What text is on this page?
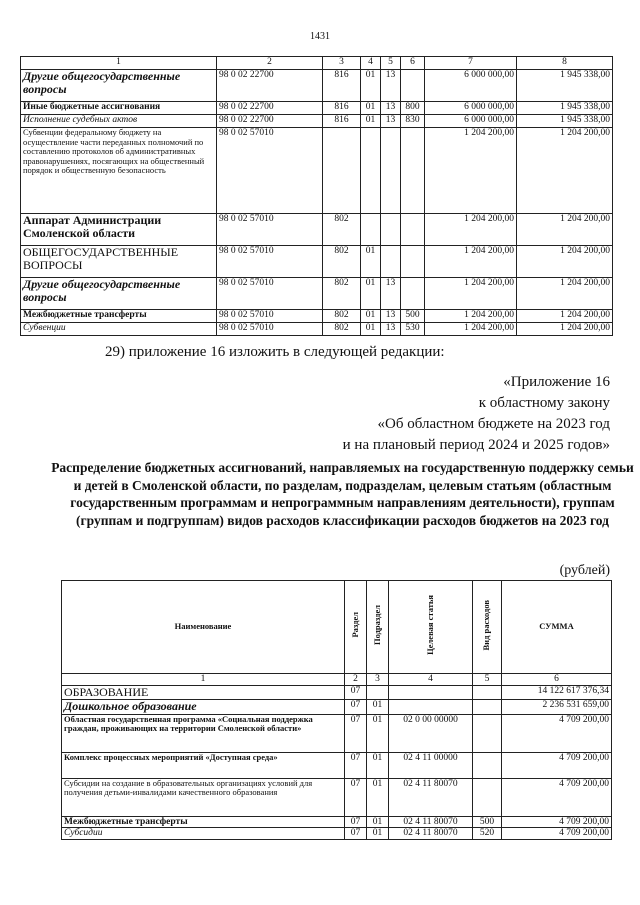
1431
1	2	3	4	5	6	7	8
Другие общегосударственные вопросы	98 0 02 22700	816	01	13		6 000 000,00	1 945 338,00
Иные бюджетные ассигнования	98 0 02 22700	816	01	13	800	6 000 000,00	1 945 338,00
Исполнение судебных актов	98 0 02 22700	816	01	13	830	6 000 000,00	1 945 338,00
Субвенции федеральному бюджету на осуществление части переданных полномочий по составлению протоколов об административных правонарушениях, посягающих на общественный порядок и общественную безопасность	98 0 02 57010					1 204 200,00	1 204 200,00
Аппарат Администрации Смоленской области	98 0 02 57010	802				1 204 200,00	1 204 200,00
ОБЩЕГОСУДАРСТВЕННЫЕ ВОПРОСЫ	98 0 02 57010	802	01			1 204 200,00	1 204 200,00
Другие общегосударственные вопросы	98 0 02 57010	802	01	13		1 204 200,00	1 204 200,00
Межбюджетные трансферты	98 0 02 57010	802	01	13	500	1 204 200,00	1 204 200,00
Субвенции	98 0 02 57010	802	01	13	530	1 204 200,00	1 204 200,00
29) приложение 16 изложить в следующей редакции:
«Приложение 16
к областному закону
«Об областном бюджете на 2023 год
и на плановый период 2024 и 2025 годов»
Распределение бюджетных ассигнований, направляемых на государственную поддержку семьи и детей в Смоленской области, по разделам, подразделам, целевым статьям (областным государственным программам и непрограммным направлениям деятельности), группам (группам и подгруппам) видов расходов классификации расходов бюджетов на 2023 год
(рублей)
Наименование	Раздел	Подраздел	Целевая статья	Вид расходов	СУММА
1	2	3	4	5	6
ОБРАЗОВАНИЕ	07				14 122 617 376,34
Дошкольное образование	07	01			2 236 531 659,00
Областная государственная программа «Социальная поддержка граждан, проживающих на территории Смоленской области»	07	01	02 0 00 00000		4 709 200,00
Комплекс процессных мероприятий «Доступная среда»	07	01	02 4 11 00000		4 709 200,00
Субсидии на создание в образовательных организациях условий для получения детьми-инвалидами качественного образования	07	01	02 4 11 80070		4 709 200,00
Межбюджетные трансферты	07	01	02 4 11 80070	500	4 709 200,00
Субсидии	07	01	02 4 11 80070	520	4 709 200,00
